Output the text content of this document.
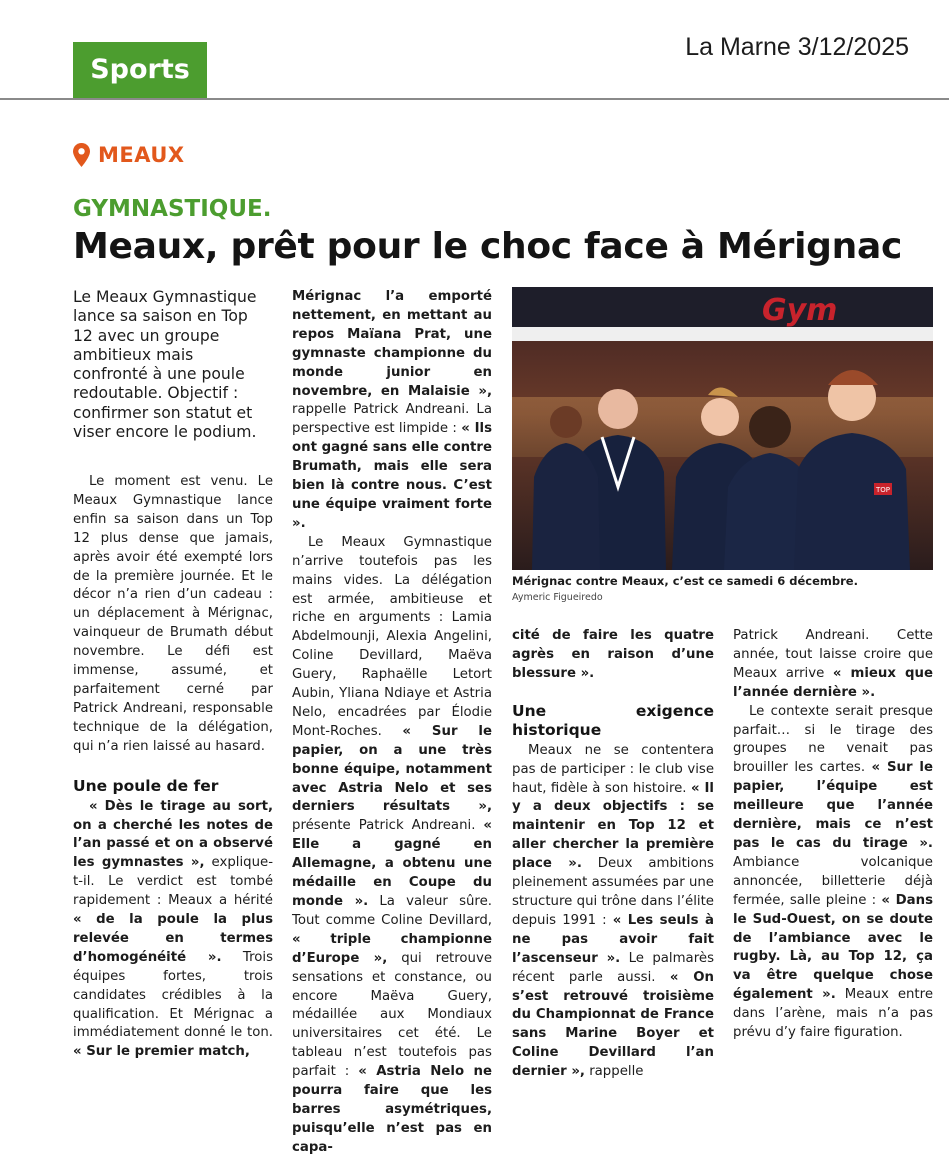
Sports
La Marne 3/12/2025
MEAUX
GYMNASTIQUE.
Meaux, prêt pour le choc face à Mérignac

Le Meaux Gymnastique lance sa saison en Top 12 avec un groupe ambitieux mais confronté à une poule redoutable. Objectif : confirmer son statut et viser encore le podium.

Le moment est venu. Le Meaux Gymnastique lance enfin sa saison dans un Top 12 plus dense que jamais, après avoir été exempté lors de la première journée. Et le décor n’a rien d’un cadeau : un déplacement à Mérignac, vainqueur de Brumath début novembre. Le défi est immense, assumé, et parfaitement cerné par Patrick Andreani, responsable technique de la délégation, qui n’a rien laissé au hasard.

Une poule de fer

« Dès le tirage au sort, on a cherché les notes de l’an passé et on a observé les gymnastes », explique-t-il. Le verdict est tombé rapidement : Meaux a hérité « de la poule la plus relevée en termes d’homogénéité ». Trois équipes fortes, trois candidates crédibles à la qualification. Et Mérignac a immédiatement donné le ton. « Sur le premier match,

Mérignac l’a emporté nettement, en mettant au repos Maïana Prat, une gymnaste championne du monde junior en novembre, en Malaisie », rappelle Patrick Andreani. La perspective est limpide : « Ils ont gagné sans elle contre Brumath, mais elle sera bien là contre nous. C’est une équipe vraiment forte ».

Le Meaux Gymnastique n’arrive toutefois pas les mains vides. La délégation est armée, ambitieuse et riche en arguments : Lamia Abdelmounji, Alexia Angelini, Coline Devillard, Maëva Guery, Raphaëlle Letort Aubin, Yliana Ndiaye et Astria Nelo, encadrées par Élodie Mont-Roches. « Sur le papier, on a une très bonne équipe, notamment avec Astria Nelo et ses derniers résultats », présente Patrick Andreani. « Elle a gagné en Allemagne, a obtenu une médaille en Coupe du monde ». La valeur sûre. Tout comme Coline Devillard, « triple championne d’Europe », qui retrouve sensations et constance, ou encore Maëva Guery, médaillée aux Mondiaux universitaires cet été. Le tableau n’est toutefois pas parfait : « Astria Nelo ne pourra faire que les barres asymétriques, puisqu’elle n’est pas en capa-

Gym
TOP
Mérignac contre Meaux, c’est ce samedi 6 décembre.
Aymeric Figueiredo

cité de faire les quatre agrès en raison d’une blessure ».

Une exigence historique

Meaux ne se contentera pas de participer : le club vise haut, fidèle à son histoire. « Il y a deux objectifs : se maintenir en Top 12 et aller chercher la première place ». Deux ambitions pleinement assumées par une structure qui trône dans l’élite depuis 1991 : « Les seuls à ne pas avoir fait l’ascenseur ». Le palmarès récent parle aussi. « On s’est retrouvé troisième du Championnat de France sans Marine Boyer et Coline Devillard l’an dernier », rappelle

Patrick Andreani. Cette année, tout laisse croire que Meaux arrive « mieux que l’année dernière ».

Le contexte serait presque parfait… si le tirage des groupes ne venait pas brouiller les cartes. « Sur le papier, l’équipe est meilleure que l’année dernière, mais ce n’est pas le cas du tirage ». Ambiance volcanique annoncée, billetterie déjà fermée, salle pleine : « Dans le Sud-Ouest, on se doute de l’ambiance avec le rugby. Là, au Top 12, ça va être quelque chose également ». Meaux entre dans l’arène, mais n’a pas prévu d’y faire figuration.
